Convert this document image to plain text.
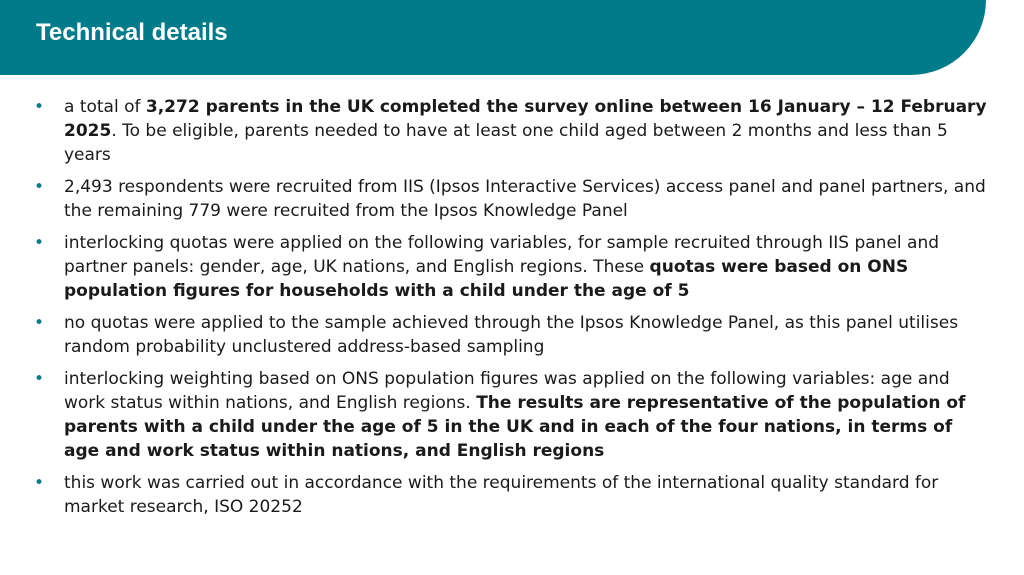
Technical details
• a total of 3,272 parents in the UK completed the survey online between 16 January – 12 February 2025. To be eligible, parents needed to have at least one child aged between 2 months and less than 5 years
• 2,493 respondents were recruited from IIS (Ipsos Interactive Services) access panel and panel partners, and the remaining 779 were recruited from the Ipsos Knowledge Panel
• interlocking quotas were applied on the following variables, for sample recruited through IIS panel and partner panels: gender, age, UK nations, and English regions. These quotas were based on ONS population figures for households with a child under the age of 5
• no quotas were applied to the sample achieved through the Ipsos Knowledge Panel, as this panel utilises random probability unclustered address-based sampling
• interlocking weighting based on ONS population figures was applied on the following variables: age and work status within nations, and English regions. The results are representative of the population of parents with a child under the age of 5 in the UK and in each of the four nations, in terms of age and work status within nations, and English regions
• this work was carried out in accordance with the requirements of the international quality standard for market research, ISO 20252
